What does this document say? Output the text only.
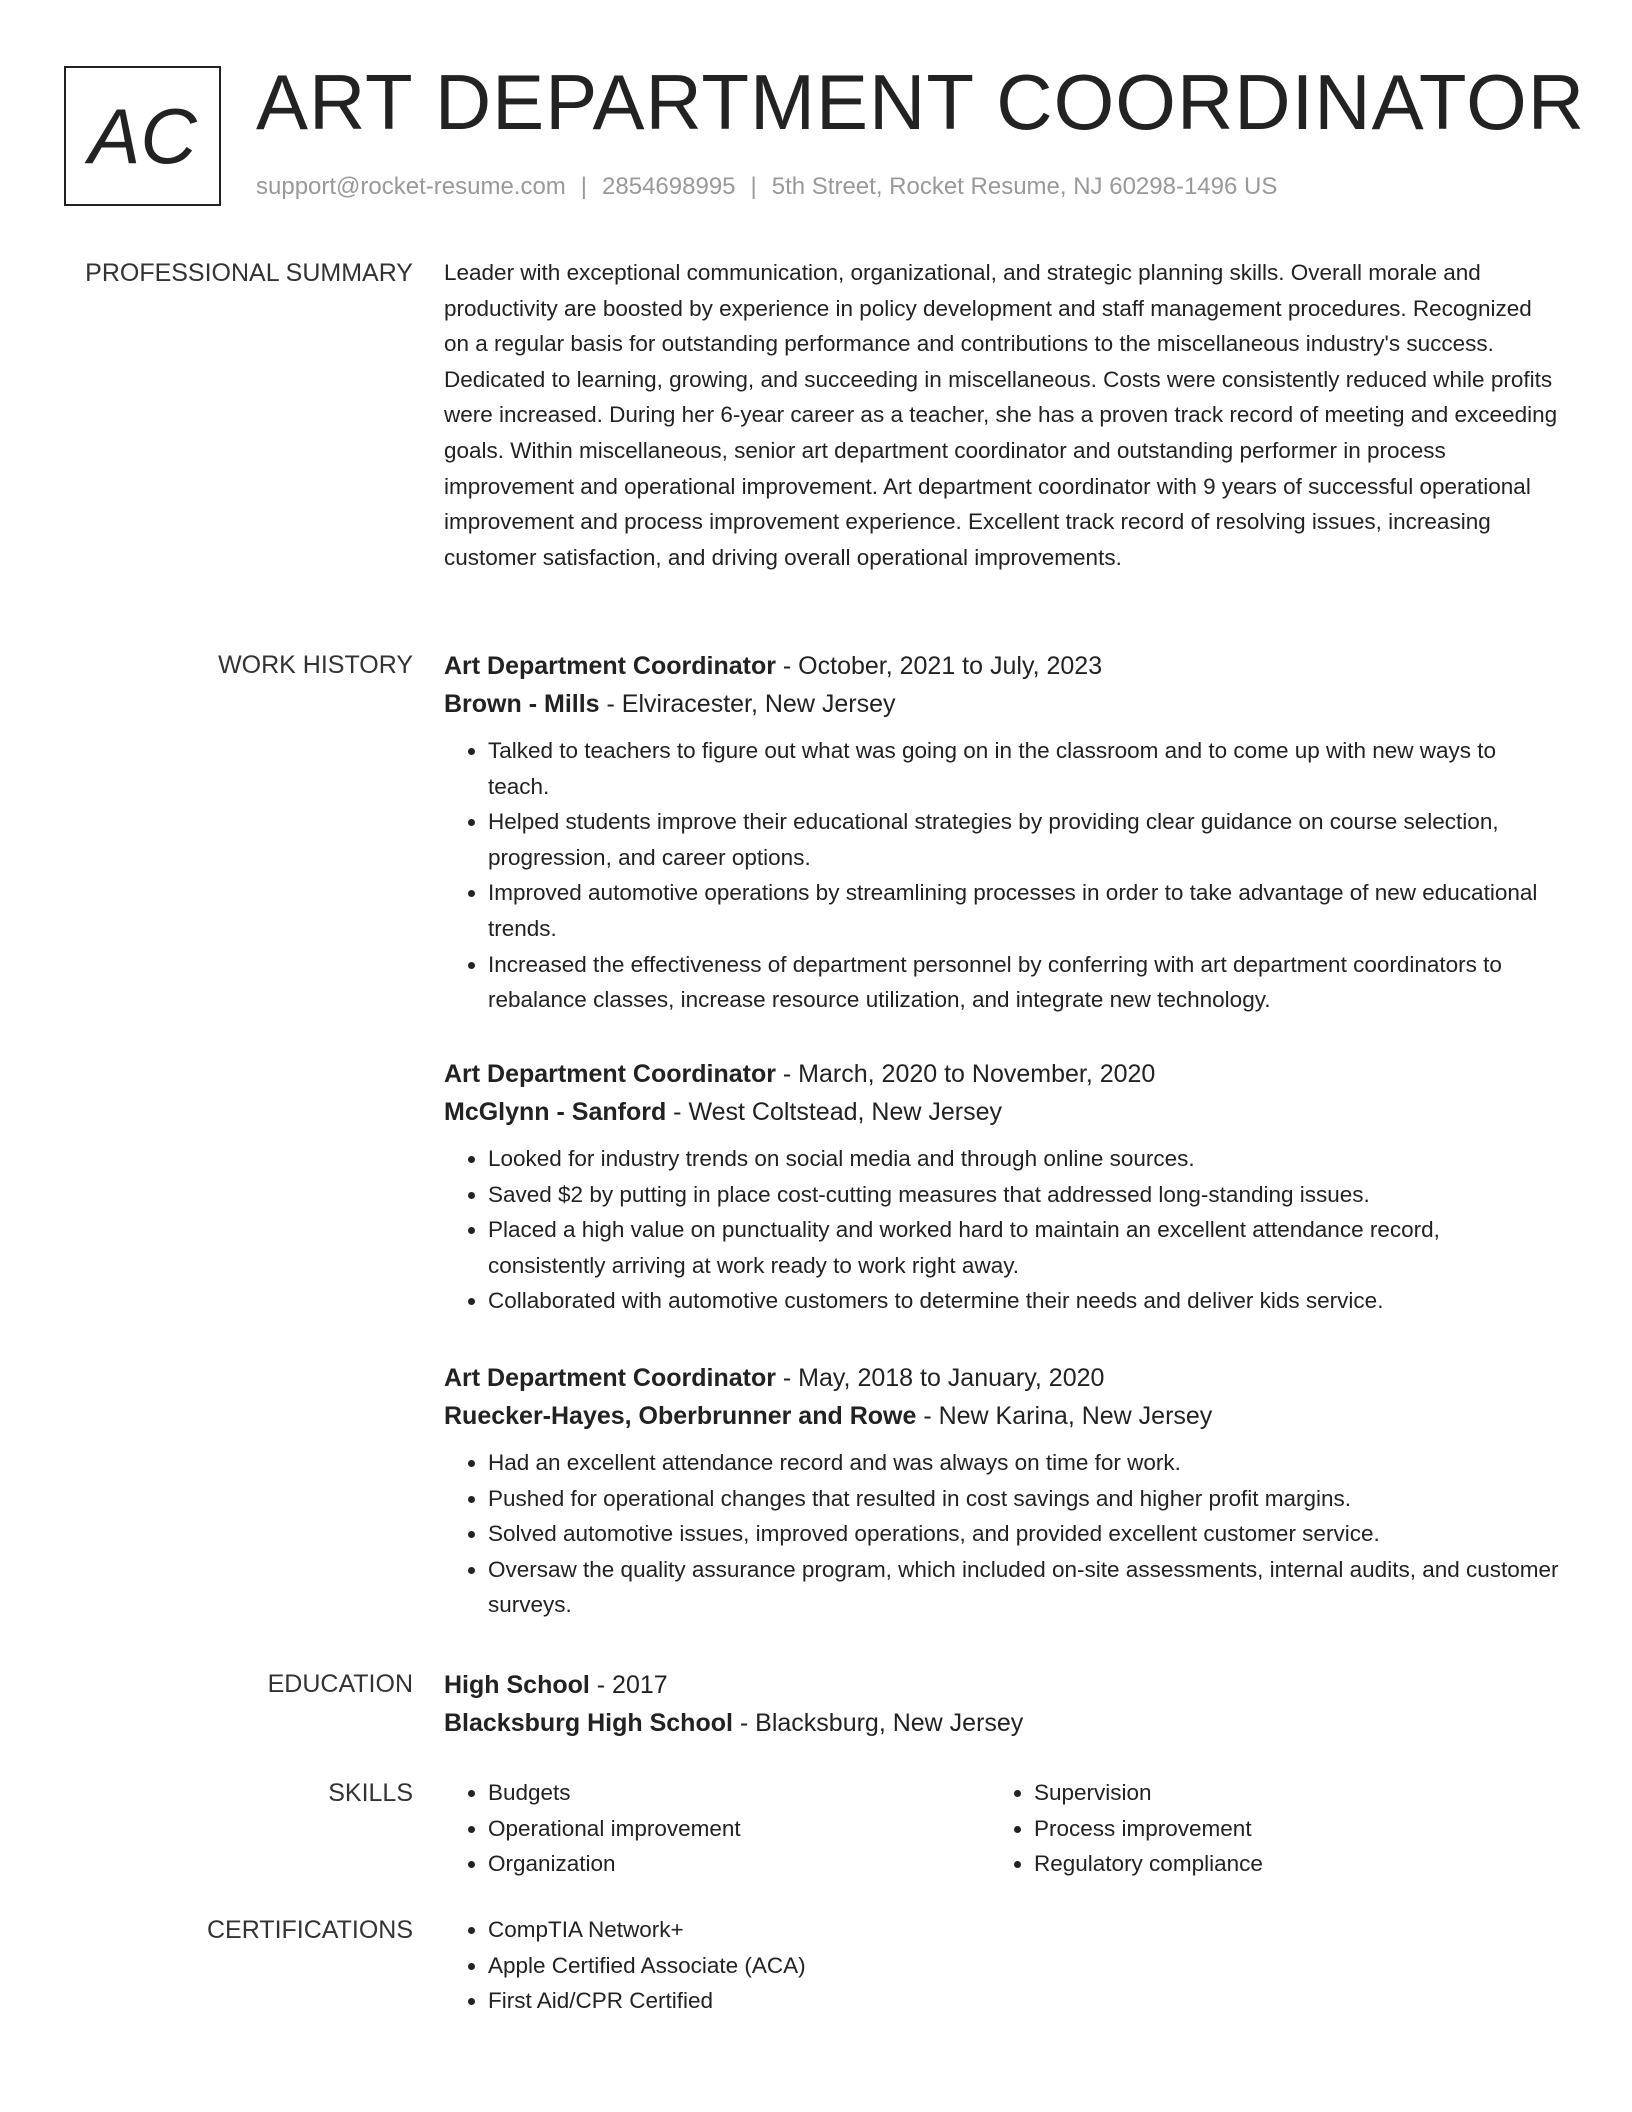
AC ART DEPARTMENT COORDINATOR
support@rocket-resume.com | 2854698995 | 5th Street, Rocket Resume, NJ 60298-1496 US
PROFESSIONAL SUMMARY Leader with exceptional communication, organizational, and strategic planning skills. Overall morale and productivity are boosted by experience in policy development and staff management procedures. Recognized on a regular basis for outstanding performance and contributions to the miscellaneous industry's success. Dedicated to learning, growing, and succeeding in miscellaneous. Costs were consistently reduced while profits were increased. During her 6-year career as a teacher, she has a proven track record of meeting and exceeding goals. Within miscellaneous, senior art department coordinator and outstanding performer in process improvement and operational improvement. Art department coordinator with 9 years of successful operational improvement and process improvement experience. Excellent track record of resolving issues, increasing customer satisfaction, and driving overall operational improvements.

WORK HISTORY Art Department Coordinator - October, 2021 to July, 2023
Brown - Mills - Elviracester, New Jersey
• Talked to teachers to figure out what was going on in the classroom and to come up with new ways to teach.
• Helped students improve their educational strategies by providing clear guidance on course selection, progression, and career options.
• Improved automotive operations by streamlining processes in order to take advantage of new educational trends.
• Increased the effectiveness of department personnel by conferring with art department coordinators to rebalance classes, increase resource utilization, and integrate new technology.
Art Department Coordinator - March, 2020 to November, 2020
McGlynn - Sanford - West Coltstead, New Jersey
• Looked for industry trends on social media and through online sources.
• Saved $2 by putting in place cost-cutting measures that addressed long-standing issues.
• Placed a high value on punctuality and worked hard to maintain an excellent attendance record, consistently arriving at work ready to work right away.
• Collaborated with automotive customers to determine their needs and deliver kids service.
Art Department Coordinator - May, 2018 to January, 2020
Ruecker-Hayes, Oberbrunner and Rowe - New Karina, New Jersey
• Had an excellent attendance record and was always on time for work.
• Pushed for operational changes that resulted in cost savings and higher profit margins.
• Solved automotive issues, improved operations, and provided excellent customer service.
• Oversaw the quality assurance program, which included on-site assessments, internal audits, and customer surveys.
EDUCATION High School - 2017
Blacksburg High School - Blacksburg, New Jersey
SKILLS	• Budgets
• Operational improvement
• Organization
• Supervision
• Process improvement
• Regulatory compliance
CERTIFICATIONS	• CompTIA Network+
• Apple Certified Associate (ACA)
• First Aid/CPR Certified
